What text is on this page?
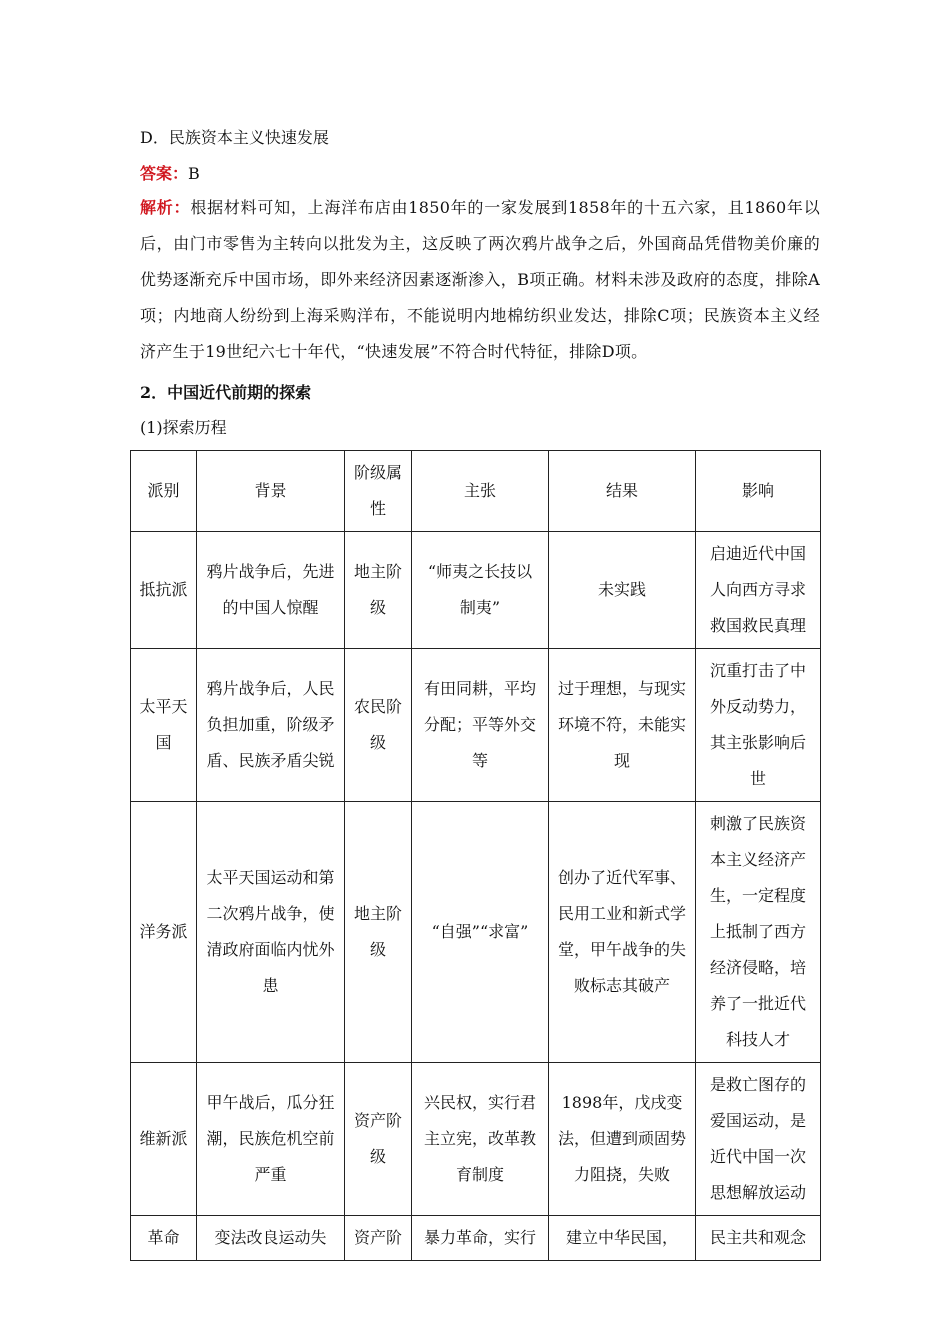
D．民族资本主义快速发展
答案：B
解析：根据材料可知，上海洋布店由1850年的一家发展到1858年的十五六家，且1860年以后，由门市零售为主转向以批发为主，这反映了两次鸦片战争之后，外国商品凭借物美价廉的优势逐渐充斥中国市场，即外来经济因素逐渐渗入，B项正确。材料未涉及政府的态度，排除A项；内地商人纷纷到上海采购洋布，不能说明内地棉纺织业发达，排除C项；民族资本主义经济产生于19世纪六七十年代，“快速发展”不符合时代特征，排除D项。
2．中国近代前期的探索
(1)探索历程
派别	背景	阶级属性	主张	结果	影响
抵抗派	鸦片战争后，先进的中国人惊醒	地主阶级	“师夷之长技以制夷”	未实践	启迪近代中国人向西方寻求救国救民真理
太平天国	鸦片战争后，人民负担加重，阶级矛盾、民族矛盾尖锐	农民阶级	有田同耕，平均分配；平等外交等	过于理想，与现实环境不符，未能实现	沉重打击了中外反动势力，其主张影响后世
洋务派	太平天国运动和第二次鸦片战争，使清政府面临内忧外患	地主阶级	“自强”“求富”	创办了近代军事、民用工业和新式学堂，甲午战争的失败标志其破产	刺激了民族资本主义经济产生，一定程度上抵制了西方经济侵略，培养了一批近代科技人才
维新派	甲午战后，瓜分狂潮，民族危机空前严重	资产阶级	兴民权，实行君主立宪，改革教育制度	1898年，戊戌变法，但遭到顽固势力阻挠，失败	是救亡图存的爱国运动，是近代中国一次思想解放运动
革命	变法改良运动失	资产阶	暴力革命，实行	建立中华民国，	民主共和观念
